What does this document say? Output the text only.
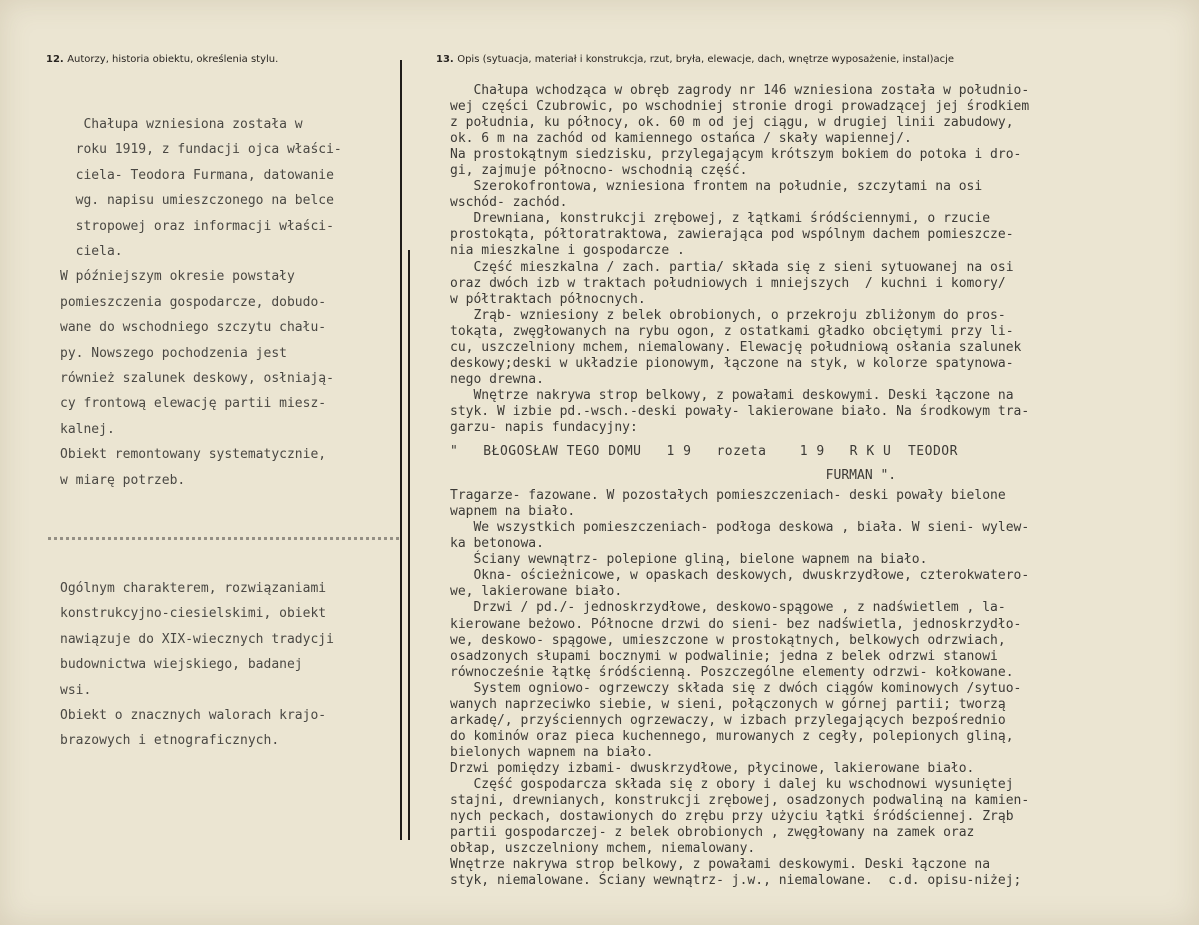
12. Autorzy, historia obiektu, określenia stylu.	13. Opis (sytuacja, materiał i konstrukcja, rzut, bryła, elewacje, dach, wnętrze wyposażenie, instal)acje

Chałupa wzniesiona została w

roku 1919, z fundacji ojca właści-

ciela- Teodora Furmana, datowanie

wg. napisu umieszczonego na belce

stropowej oraz informacji właści-

ciela.

W późniejszym okresie powstały

pomieszczenia gospodarcze, dobudo-

wane do wschodniego szczytu chału-

py. Nowszego pochodzenia jest

również szalunek deskowy, osłniają-

cy frontową elewację partii miesz-

kalnej.

Obiekt remontowany systematycznie,

w miarę potrzeb.

Ogólnym charakterem, rozwiązaniami

konstrukcyjno-ciesielskimi, obiekt

nawiązuje do XIX-wiecznych tradycji

budownictwa wiejskiego, badanej

wsi.

Obiekt o znacznych walorach krajo-

brazowych i etnograficznych.

Chałupa wchodząca w obręb zagrody nr 146 wzniesiona została w południo-

wej części Czubrowic, po wschodniej stronie drogi prowadzącej jej środkiem

z południa, ku północy, ok. 60 m od jej ciągu, w drugiej linii zabudowy,

ok. 6 m na zachód od kamiennego ostańca / skały wapiennej/.

Na prostokątnym siedzisku, przylegającym krótszym bokiem do potoka i dro-

gi, zajmuje północno- wschodnią część.

Szerokofrontowa, wzniesiona frontem na południe, szczytami na osi

wschód- zachód.

Drewniana, konstrukcji zrębowej, z łątkami śródściennymi, o rzucie

prostokąta, półtoratraktowa, zawierająca pod wspólnym dachem pomieszcze-

nia mieszkalne i gospodarcze .

Część mieszkalna / zach. partia/ składa się z sieni sytuowanej na osi

oraz dwóch izb w traktach południowych i mniejszych  / kuchni i komory/

w półtraktach północnych.

Zrąb- wzniesiony z belek obrobionych, o przekroju zbliżonym do pros-

tokąta, zwęgłowanych na rybu ogon, z ostatkami gładko obciętymi przy li-

cu, uszczelniony mchem, niemalowany. Elewację południową osłania szalunek

deskowy;deski w układzie pionowym, łączone na styk, w kolorze spatynowa-

nego drewna.

Wnętrze nakrywa strop belkowy, z powałami deskowymi. Deski łączone na

styk. W izbie pd.-wsch.-deski powały- lakierowane biało. Na środkowym tra-

garzu- napis fundacyjny:

"   BŁOGOSŁAW TEGO DOMU   1 9   rozeta    1 9   R K U  TEODOR

FURMAN ".

Tragarze- fazowane. W pozostałych pomieszczeniach- deski powały bielone

wapnem na biało.

We wszystkich pomieszczeniach- podłoga deskowa , biała. W sieni- wylew-

ka betonowa.

Ściany wewnątrz- polepione gliną, bielone wapnem na biało.

Okna- ościeżnicowe, w opaskach deskowych, dwuskrzydłowe, czterokwatero-

we, lakierowane biało.

Drzwi / pd./- jednoskrzydłowe, deskowo-spągowe , z nadświetlem , la-

kierowane beżowo. Północne drzwi do sieni- bez nadświetla, jednoskrzydło-

we, deskowo- spągowe, umieszczone w prostokątnych, belkowych odrzwiach,

osadzonych słupami bocznymi w podwalinie; jedna z belek odrzwi stanowi

równocześnie łątkę śródścienną. Poszczególne elementy odrzwi- kołkowane.

System ogniowo- ogrzewczy składa się z dwóch ciągów kominowych /sytuo-

wanych naprzeciwko siebie, w sieni, połączonych w górnej partii; tworzą

arkadę/, przyściennych ogrzewaczy, w izbach przylegających bezpośrednio

do kominów oraz pieca kuchennego, murowanych z cegły, polepionych gliną,

bielonych wapnem na biało.

Drzwi pomiędzy izbami- dwuskrzydłowe, płycinowe, lakierowane biało.

Część gospodarcza składa się z obory i dalej ku wschodnowi wysuniętej

stajni, drewnianych, konstrukcji zrębowej, osadzonych podwaliną na kamien-

nych peckach, dostawionych do zrębu przy użyciu łątki śródściennej. Zrąb

partii gospodarczej- z belek obrobionych , zwęgłowany na zamek oraz

obłap, uszczelniony mchem, niemalowany.

Wnętrze nakrywa strop belkowy, z powałami deskowymi. Deski łączone na

styk, niemalowane. Ściany wewnątrz- j.w., niemalowane.  c.d. opisu-niżej;
